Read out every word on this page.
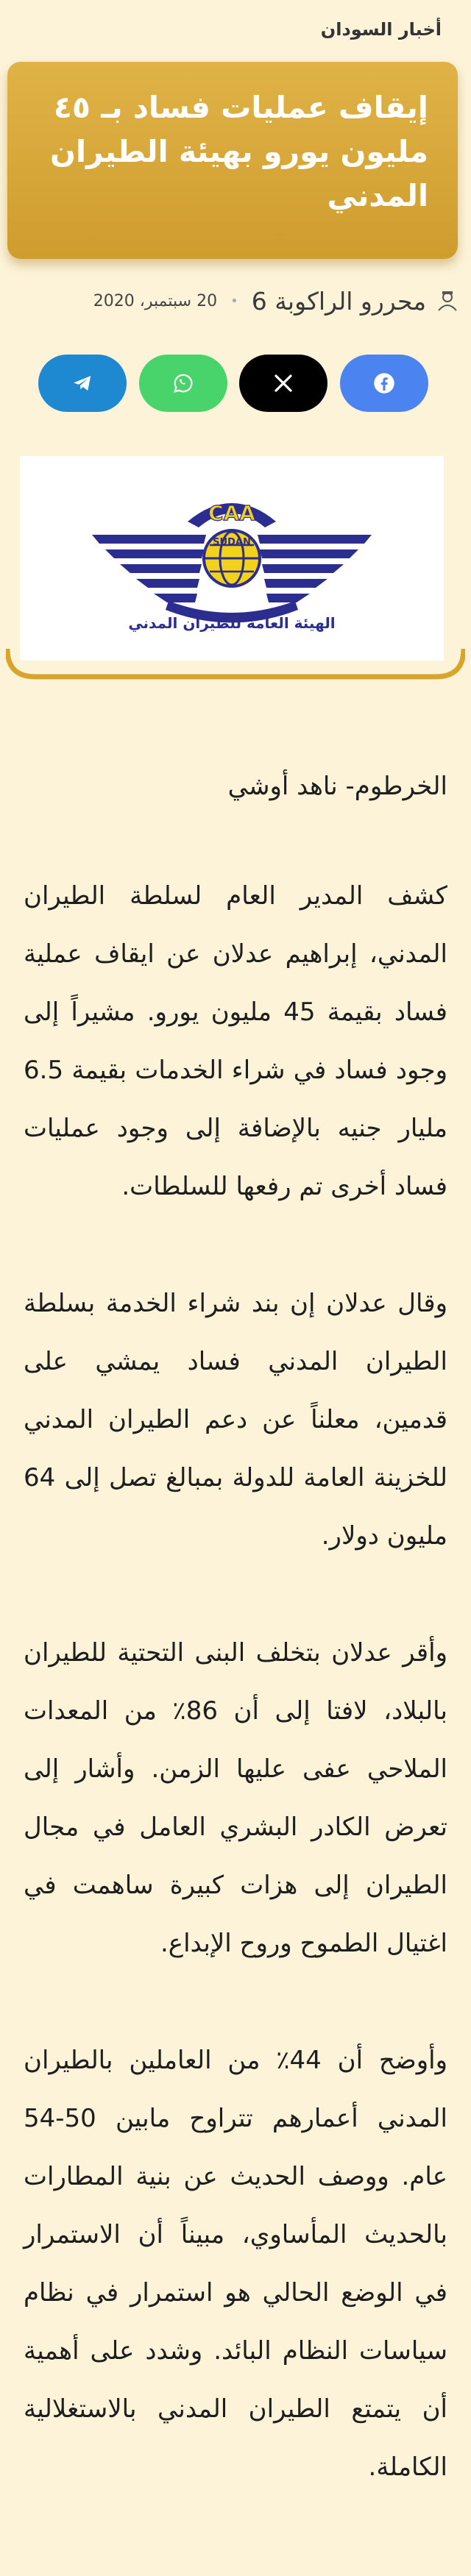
أخبار السودان
إيقاف عمليات فساد بـ ٤٥ مليون يورو بهيئة الطيران المدني
محررو الراكوبة 6
•
20 سبتمبر، 2020
CAA
SUDAN
الهيئة العامة للطيران المدني

الخرطوم- ناهد أوشي

كشف المدير العام لسلطة الطيران المدني، إبراهيم عدلان عن ايقاف عملية فساد بقيمة 45 مليون يورو. مشيراً إلى وجود فساد في شراء الخدمات بقيمة 6.5 مليار جنيه بالإضافة إلى وجود عمليات فساد أخرى تم رفعها للسلطات.

وقال عدلان إن بند شراء الخدمة بسلطة الطيران المدني فساد يمشي على قدمين، معلناً عن دعم الطيران المدني للخزينة العامة للدولة بمبالغ تصل إلى 64 مليون دولار.

وأقر عدلان بتخلف البنى التحتية للطيران بالبلاد، لافتا إلى أن 86٪ من المعدات الملاحي عفى عليها الزمن. وأشار إلى تعرض الكادر البشري العامل في مجال الطيران إلى هزات كبيرة ساهمت في اغتيال الطموح وروح الإبداع.

وأوضح أن 44٪ من العاملين بالطيران المدني أعمارهم تتراوح مابين 50-54 عام. ووصف الحديث عن بنية المطارات بالحديث المأساوي، مبيناً أن الاستمرار في الوضع الحالي هو استمرار في نظام سياسات النظام البائد. وشدد على أهمية أن يتمتع الطيران المدني بالاستغلالية الكاملة.
